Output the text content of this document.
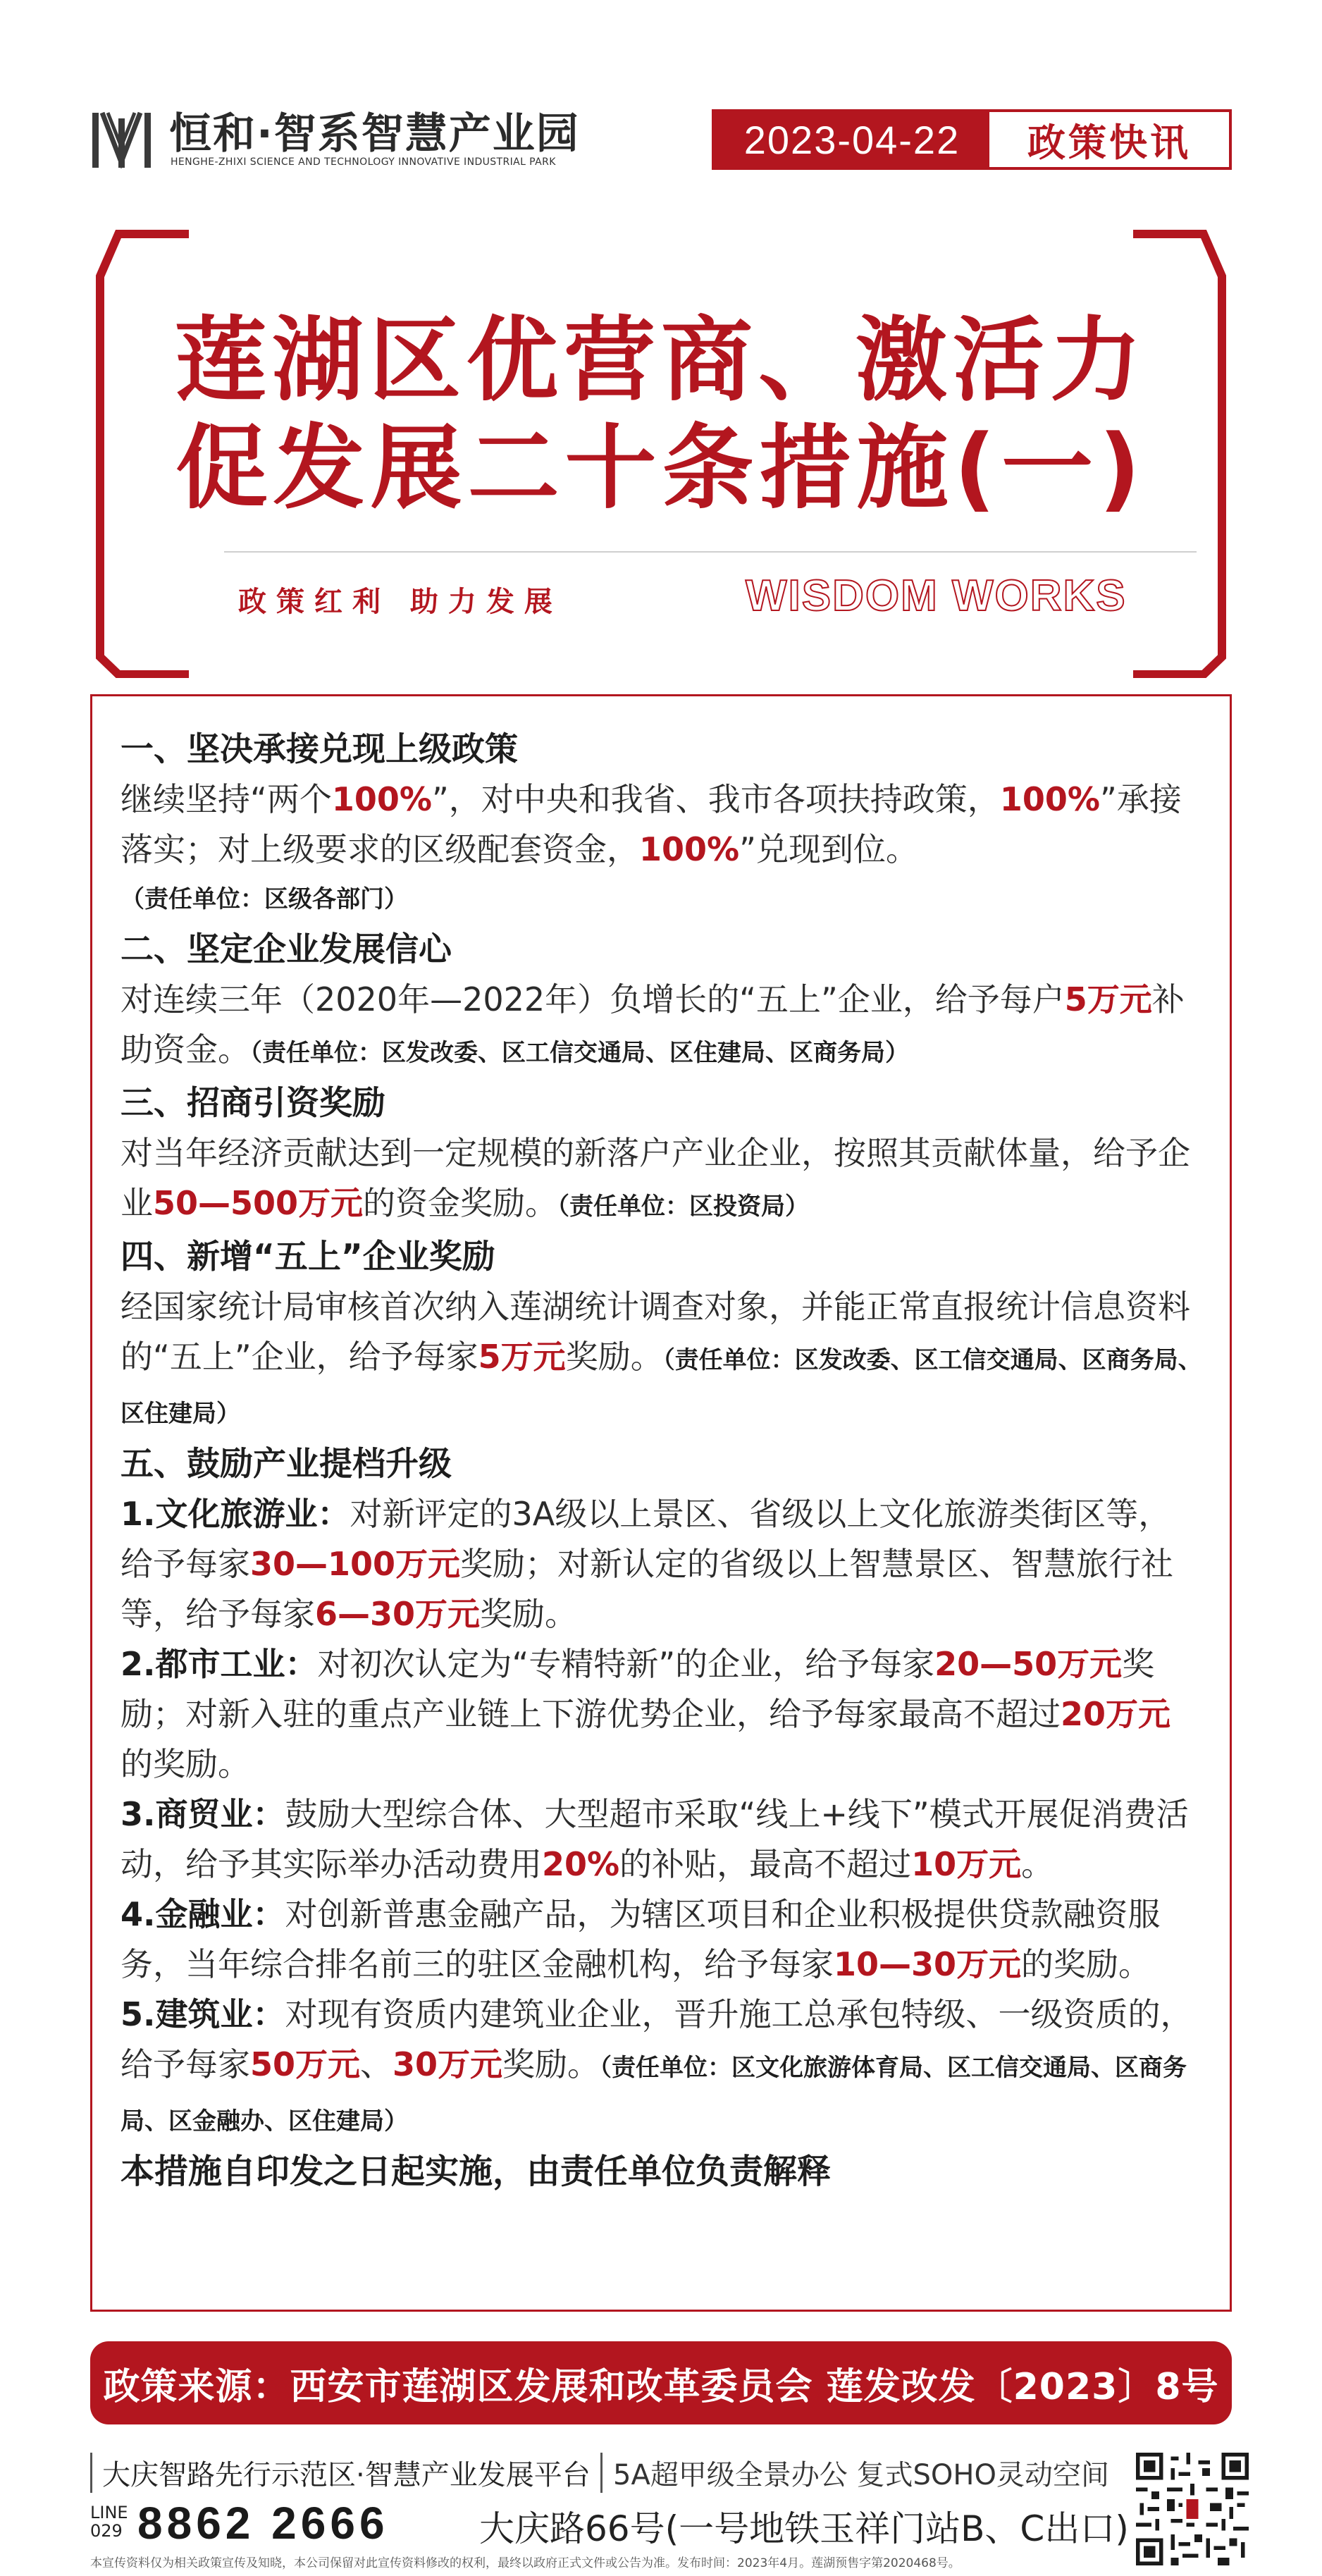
恒和·智系智慧产业园
HENGHE-ZHIXI SCIENCE AND TECHNOLOGY INNOVATIVE INDUSTRIAL PARK
2023-04-22	政策快讯
莲湖区优营商、激活力
促发展二十条措施(一)
政策红利 助力发展	WISDOM WORKS
一、坚决承接兑现上级政策
继续坚持“两个100%”，对中央和我省、我市各项扶持政策，100%”承接落实；对上级要求的区级配套资金，100%”兑现到位。
（责任单位：区级各部门）
二、坚定企业发展信心
对连续三年（2020年—2022年）负增长的“五上”企业，给予每户5万元补助资金。（责任单位：区发改委、区工信交通局、区住建局、区商务局）
三、招商引资奖励
对当年经济贡献达到一定规模的新落户产业企业，按照其贡献体量，给予企业50—500万元的资金奖励。（责任单位：区投资局）
四、新增“五上”企业奖励
经国家统计局审核首次纳入莲湖统计调查对象，并能正常直报统计信息资料的“五上”企业，给予每家5万元奖励。（责任单位：区发改委、区工信交通局、区商务局、区住建局）
五、鼓励产业提档升级
1.文化旅游业：对新评定的3A级以上景区、省级以上文化旅游类街区等，给予每家30—100万元奖励；对新认定的省级以上智慧景区、智慧旅行社等，给予每家6—30万元奖励。
2.都市工业：对初次认定为“专精特新”的企业，给予每家20—50万元奖励；对新入驻的重点产业链上下游优势企业，给予每家最高不超过20万元的奖励。
3.商贸业：鼓励大型综合体、大型超市采取“线上+线下”模式开展促消费活动，给予其实际举办活动费用20%的补贴，最高不超过10万元。
4.金融业：对创新普惠金融产品，为辖区项目和企业积极提供贷款融资服务，当年综合排名前三的驻区金融机构，给予每家10—30万元的奖励。
5.建筑业：对现有资质内建筑业企业，晋升施工总承包特级、一级资质的，给予每家50万元、30万元奖励。（责任单位：区文化旅游体育局、区工信交通局、区商务局、区金融办、区住建局）
本措施自印发之日起实施，由责任单位负责解释
政策来源：西安市莲湖区发展和改革委员会 莲发改发〔2023〕8号
大庆智路先行示范区·智慧产业发展平台 5A超甲级全景办公 复式SOHO灵动空间
LINE 029 8862 2666	大庆路66号(一号地铁玉祥门站B、C出口)
本宣传资料仅为相关政策宣传及知晓，本公司保留对此宣传资料修改的权利，最终以政府正式文件或公告为准。发布时间：2023年4月。莲湖预售字第2020468号。
